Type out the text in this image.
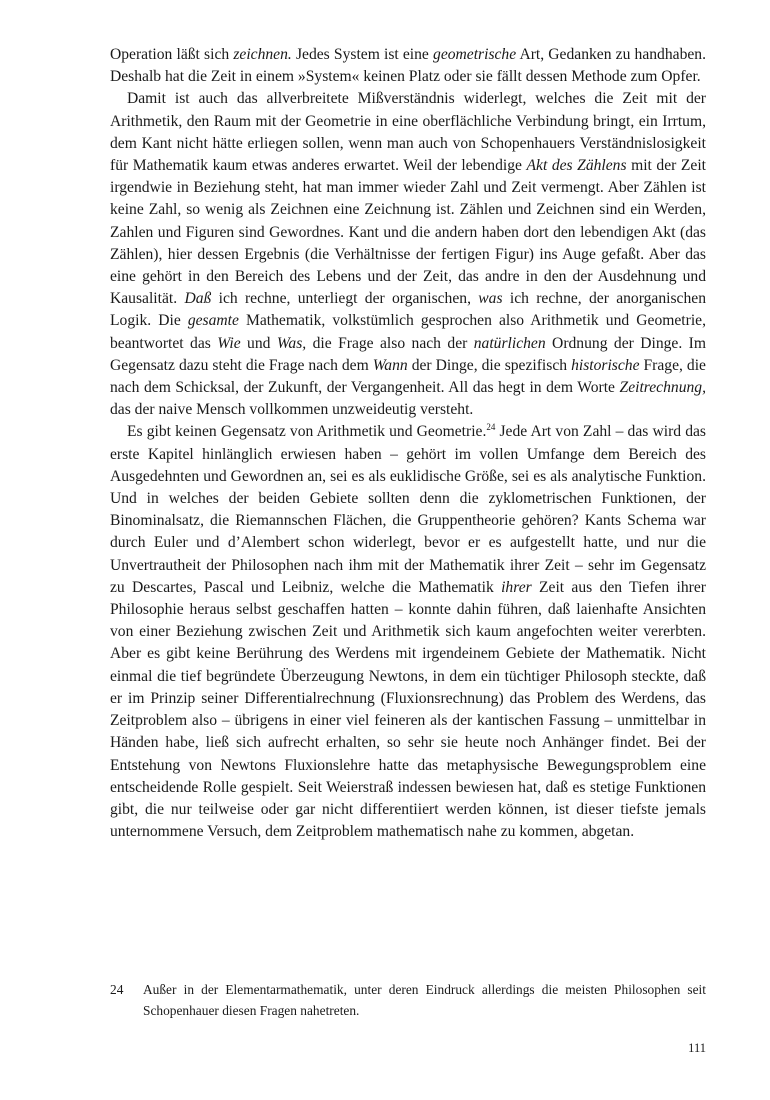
Operation läßt sich zeichnen. Jedes System ist eine geometrische Art, Gedanken zu handhaben. Deshalb hat die Zeit in einem »System« keinen Platz oder sie fällt dessen Methode zum Opfer.

Damit ist auch das allverbreitete Mißverständnis widerlegt, welches die Zeit mit der Arithmetik, den Raum mit der Geometrie in eine oberflächliche Verbindung bringt, ein Irrtum, dem Kant nicht hätte erliegen sollen, wenn man auch von Schopenhauers Verständnislosigkeit für Mathematik kaum etwas anderes erwartet. Weil der lebendige Akt des Zählens mit der Zeit irgendwie in Beziehung steht, hat man immer wieder Zahl und Zeit vermengt. Aber Zählen ist keine Zahl, so wenig als Zeichnen eine Zeichnung ist. Zählen und Zeichnen sind ein Werden, Zahlen und Figuren sind Gewordnes. Kant und die andern haben dort den lebendigen Akt (das Zählen), hier dessen Ergebnis (die Verhältnisse der fertigen Figur) ins Auge gefaßt. Aber das eine gehört in den Bereich des Lebens und der Zeit, das andre in den der Ausdehnung und Kausalität. Daß ich rechne, unterliegt der organischen, was ich rechne, der anorganischen Logik. Die gesamte Mathematik, volkstümlich gesprochen also Arithmetik und Geometrie, beantwortet das Wie und Was, die Frage also nach der natürlichen Ordnung der Dinge. Im Gegensatz dazu steht die Frage nach dem Wann der Dinge, die spezifisch historische Frage, die nach dem Schicksal, der Zukunft, der Vergangenheit. All das hegt in dem Worte Zeitrechnung, das der naive Mensch vollkommen unzweideutig versteht.

Es gibt keinen Gegensatz von Arithmetik und Geometrie.$^{24}$ Jede Art von Zahl – das wird das erste Kapitel hinlänglich erwiesen haben – gehört im vollen Umfange dem Bereich des Ausgedehnten und Gewordnen an, sei es als euklidische Größe, sei es als analytische Funktion. Und in welches der beiden Gebiete sollten denn die zyklometrischen Funktionen, der Binominalsatz, die Riemannschen Flächen, die Gruppentheorie gehören? Kants Schema war durch Euler und d’Alembert schon widerlegt, bevor er es aufgestellt hatte, und nur die Unvertrautheit der Philosophen nach ihm mit der Mathematik ihrer Zeit – sehr im Gegensatz zu Descartes, Pascal und Leibniz, welche die Mathematik ihrer Zeit aus den Tiefen ihrer Philosophie heraus selbst geschaffen hatten – konnte dahin führen, daß laienhafte Ansichten von einer Beziehung zwischen Zeit und Arithmetik sich kaum angefochten weiter vererbten. Aber es gibt keine Berührung des Werdens mit irgendeinem Gebiete der Mathematik. Nicht einmal die tief begründete Überzeugung Newtons, in dem ein tüchtiger Philosoph steckte, daß er im Prinzip seiner Differentialrechnung (Fluxionsrechnung) das Problem des Werdens, das Zeitproblem also – übrigens in einer viel feineren als der kantischen Fassung – unmittelbar in Händen habe, ließ sich aufrecht erhalten, so sehr sie heute noch Anhänger findet. Bei der Entstehung von Newtons Fluxionslehre hatte das metaphysische Bewegungsproblem eine entscheidende Rolle gespielt. Seit Weierstraß indessen bewiesen hat, daß es stetige Funktionen gibt, die nur teilweise oder gar nicht differentiiert werden können, ist dieser tiefste jemals unternommene Versuch, dem Zeitproblem mathematisch nahe zu kommen, abgetan.

24	Außer in der Elementarmathematik, unter deren Eindruck allerdings die meisten Philosophen seit Schopenhauer diesen Fragen nahetreten.
111
